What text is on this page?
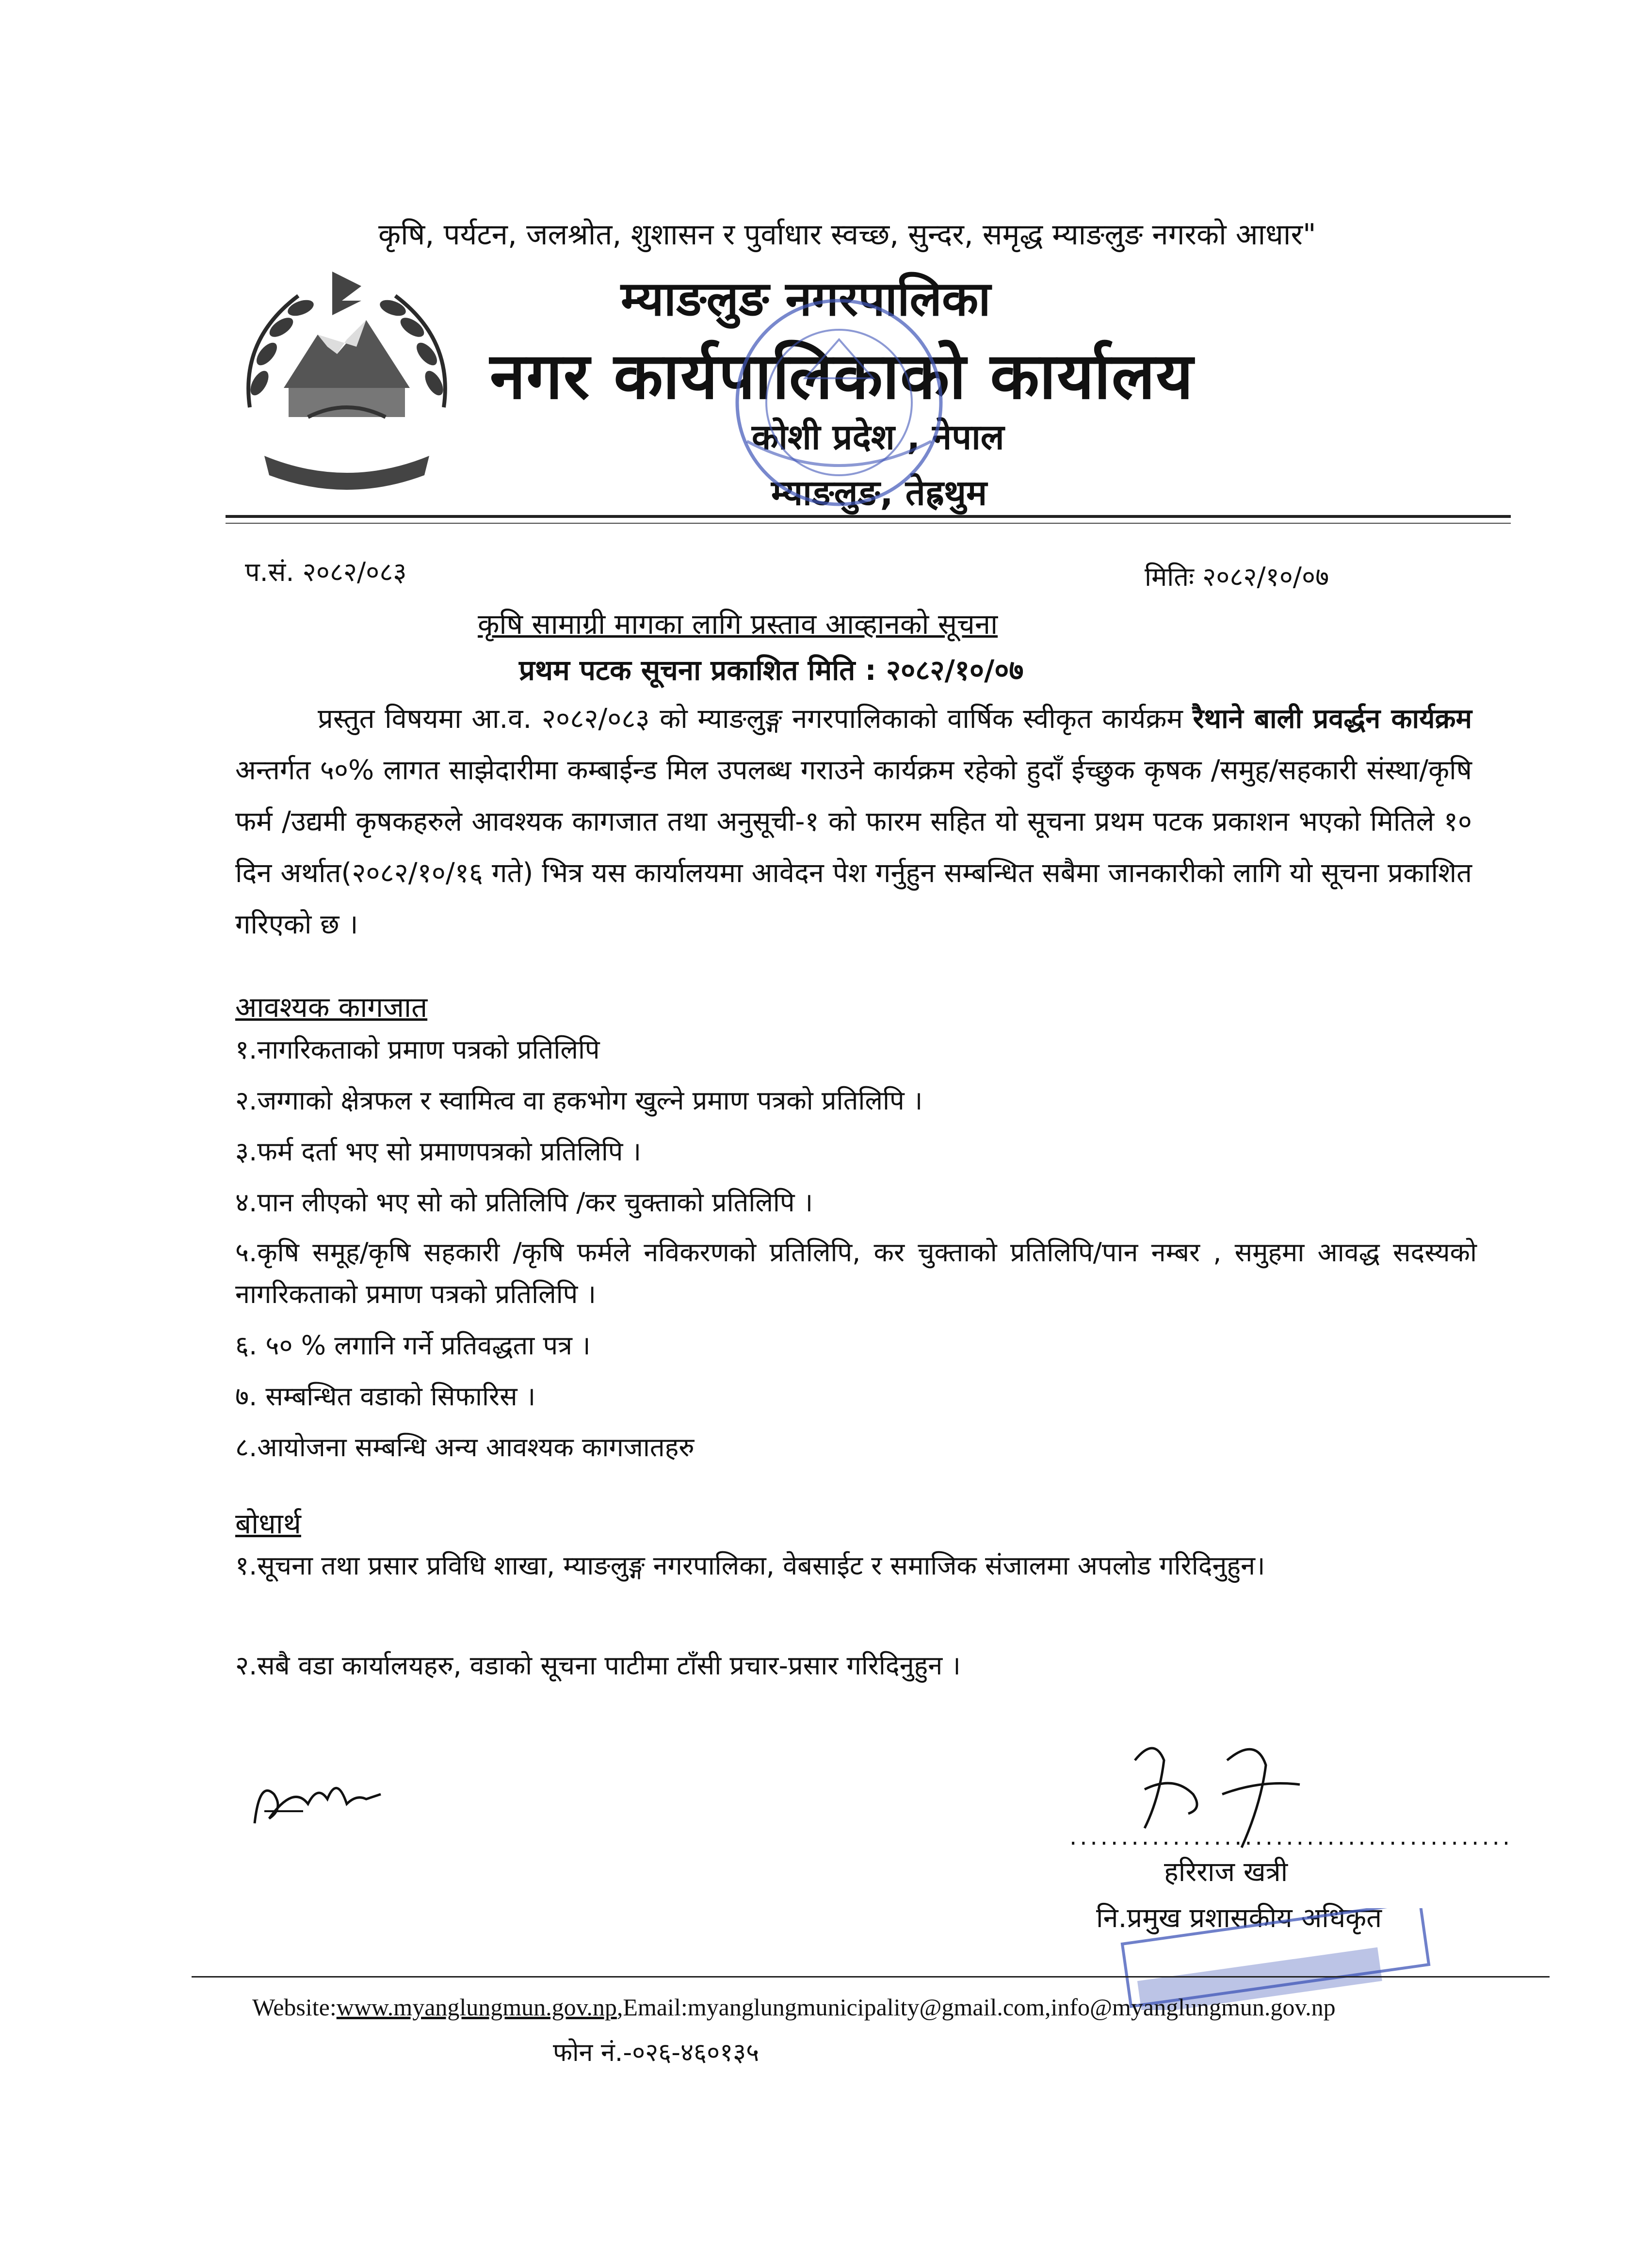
कृषि, पर्यटन, जलश्रोत, शुशासन र पुर्वाधार स्वच्छ, सुन्दर, समृद्ध म्याङलुङ नगरको आधार"
म्याङलुङ नगरपालिका
नगर कार्यपालिकाको कार्यालय
कोशी प्रदेश , नेपाल
म्याङलुङ, तेह्रथुम
प.सं. २०८२/०८३	मितिः २०८२/१०/०७
कृषि सामाग्री मागका लागि प्रस्ताव आव्हानको सूचना
प्रथम पटक सूचना प्रकाशित मिति : २०८२/१०/०७
प्रस्तुत विषयमा आ.व. २०८२/०८३ को म्याङलुङ्ग नगरपालिकाको वार्षिक स्वीकृत कार्यक्रम रैथाने बाली प्रवर्द्धन कार्यक्रम अन्तर्गत ५०% लागत साझेदारीमा कम्बाईन्ड मिल उपलब्ध गराउने कार्यक्रम रहेको हुदाँ ईच्छुक कृषक /समुह/सहकारी संस्था/कृषि फर्म /उद्यमी कृषकहरुले आवश्यक कागजात तथा अनुसूची-१ को फारम सहित यो सूचना प्रथम पटक प्रकाशन भएको मितिले १० दिन अर्थात(२०८२/१०/१६ गते) भित्र यस कार्यालयमा आवेदन पेश गर्नुहुन सम्बन्धित सबैमा जानकारीको लागि यो सूचना प्रकाशित गरिएको छ ।
आवश्यक कागजात
१.नागरिकताको प्रमाण पत्रको प्रतिलिपि
२.जग्गाको क्षेत्रफल र स्वामित्व वा हकभोग खुल्ने प्रमाण पत्रको प्रतिलिपि ।
३.फर्म दर्ता भए सो प्रमाणपत्रको प्रतिलिपि ।
४.पान लीएको भए सो को प्रतिलिपि /कर चुक्ताको प्रतिलिपि ।
५.कृषि समूह/कृषि सहकारी /कृषि फर्मले नविकरणको प्रतिलिपि, कर चुक्ताको प्रतिलिपि/पान नम्बर , समुहमा आवद्ध सदस्यको नागरिकताको प्रमाण पत्रको प्रतिलिपि ।
६. ५० % लगानि गर्ने प्रतिवद्धता पत्र ।
७. सम्बन्धित वडाको सिफारिस ।
८.आयोजना सम्बन्धि अन्य आवश्यक कागजातहरु
बोधार्थ
१.सूचना तथा प्रसार प्रविधि शाखा, म्याङलुङ्ग नगरपालिका, वेबसाईट र समाजिक संजालमा अपलोड गरिदिनुहुन।
२.सबै वडा कार्यालयहरु, वडाको सूचना पाटीमा टाँसी प्रचार-प्रसार गरिदिनुहुन ।
...........................................
हरिराज खत्री
नि.प्रमुख प्रशासकीय अधिकृत
Website:www.myanglungmun.gov.np,Email:myanglungmunicipality@gmail.com,info@myanglungmun.gov.np
फोन नं.-०२६-४६०१३५
